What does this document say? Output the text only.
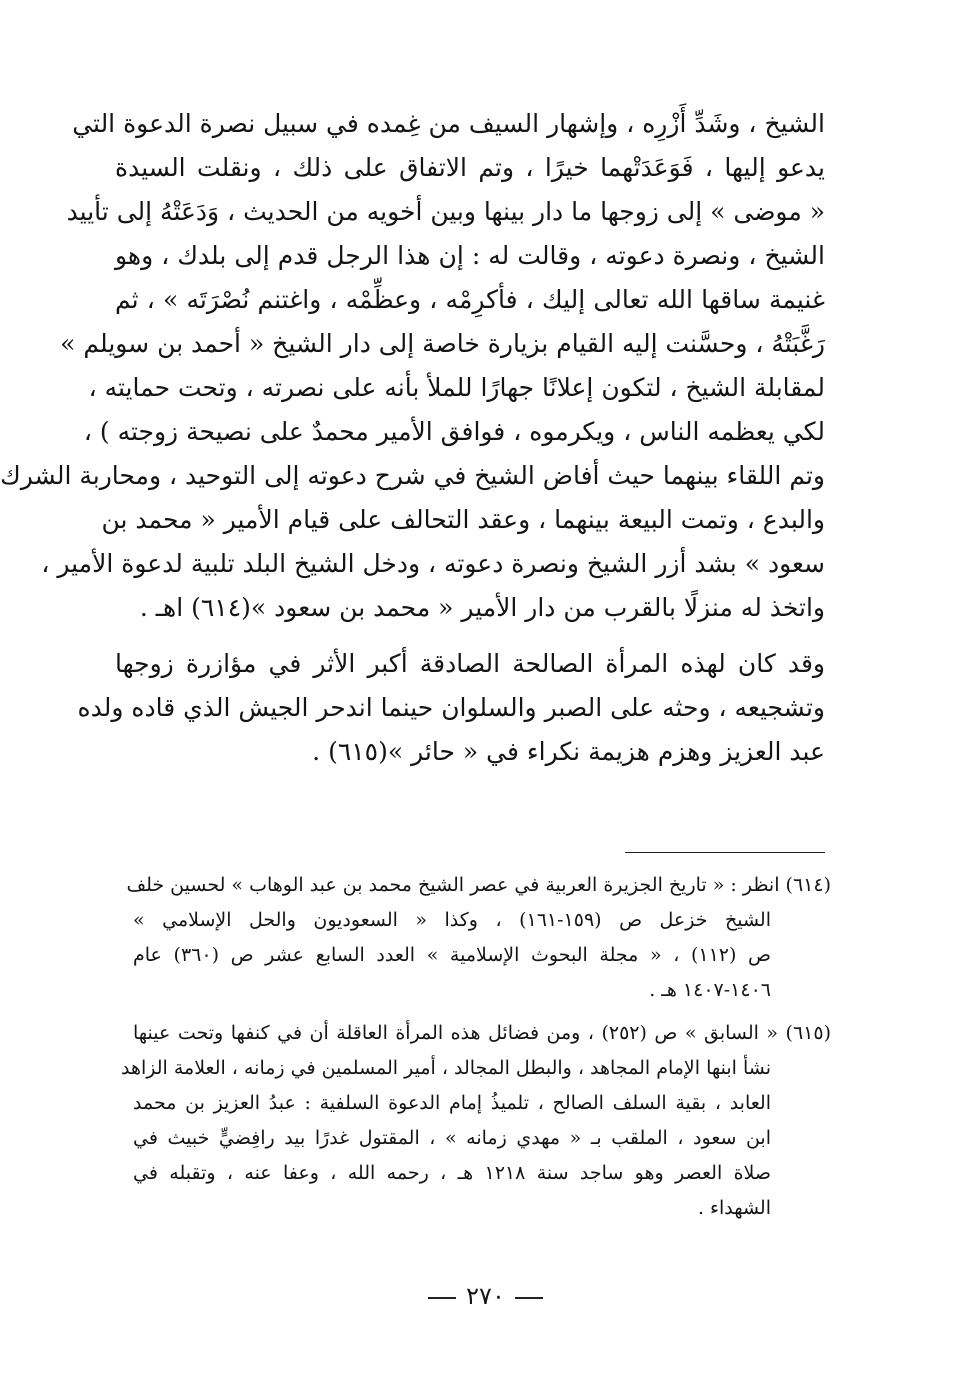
الشيخ ، وشَدِّ أَزْرِه ، وإشهار السيف من غِمده في سبيل نصرة الدعوة التي
يدعو إليها ، فَوَعَدَتْهما خيرًا ، وتم الاتفاق على ذلك ، ونقلت السيدة
« موضى » إلى زوجها ما دار بينها وبين أخويه من الحديث ، وَدَعَتْهُ إلى تأييد
الشيخ ، ونصرة دعوته ، وقالت له : إن هذا الرجل قدم إلى بلدك ، وهو
غنيمة ساقها الله تعالى إليك ، فأكرِمْه ، وعظِّمْه ، واغتنم نُصْرَتَه » ، ثم
رَغَّبَتْهُ ، وحسَّنت إليه القيام بزيارة خاصة إلى دار الشيخ « أحمد بن سويلم »
لمقابلة الشيخ ، لتكون إعلانًا جهارًا للملأ بأنه على نصرته ، وتحت حمايته ،
لكي يعظمه الناس ، ويكرموه ، فوافق الأمير محمدٌ على نصيحة زوجته ) ،
وتم اللقاء بينهما حيث أفاض الشيخ في شرح دعوته إلى التوحيد ، ومحاربة الشرك
والبدع ، وتمت البيعة بينهما ، وعقد التحالف على قيام الأمير « محمد بن
سعود » بشد أزر الشيخ ونصرة دعوته ، ودخل الشيخ البلد تلبية لدعوة الأمير ،
واتخذ له منزلًا بالقرب من دار الأمير « محمد بن سعود »(٦١٤) اهـ .
وقد كان لهذه المرأة الصالحة الصادقة أكبر الأثر في مؤازرة زوجها
وتشجيعه ، وحثه على الصبر والسلوان حينما اندحر الجيش الذي قاده ولده
عبد العزيز وهزم هزيمة نكراء في « حائر »(٦١٥) .
(٦١٤) انظر : « تاريخ الجزيرة العربية في عصر الشيخ محمد بن عبد الوهاب » لحسين خلف
الشيخ خزعل ص (١٥٩-١٦١) ، وكذا « السعوديون والحل الإسلامي »
ص (١١٢) ، « مجلة البحوث الإسلامية » العدد السابع عشر ص (٣٦٠) عام
١٤٠٦-١٤٠٧ هـ .
(٦١٥) « السابق » ص (٢٥٢) ، ومن فضائل هذه المرأة العاقلة أن في كنفها وتحت عينها
نشأ ابنها الإمام المجاهد ، والبطل المجالد ، أمير المسلمين في زمانه ، العلامة الزاهد
العابد ، بقية السلف الصالح ، تلميذُ إمام الدعوة السلفية : عبدُ العزيز بن محمد
ابن سعود ، الملقب بـ « مهدي زمانه » ، المقتول غدرًا بيد رافِضيٍّ خبيث في
صلاة العصر وهو ساجد سنة ١٢١٨ هـ ، رحمه الله ، وعفا عنه ، وتقبله في
الشهداء .
٢٧٠
